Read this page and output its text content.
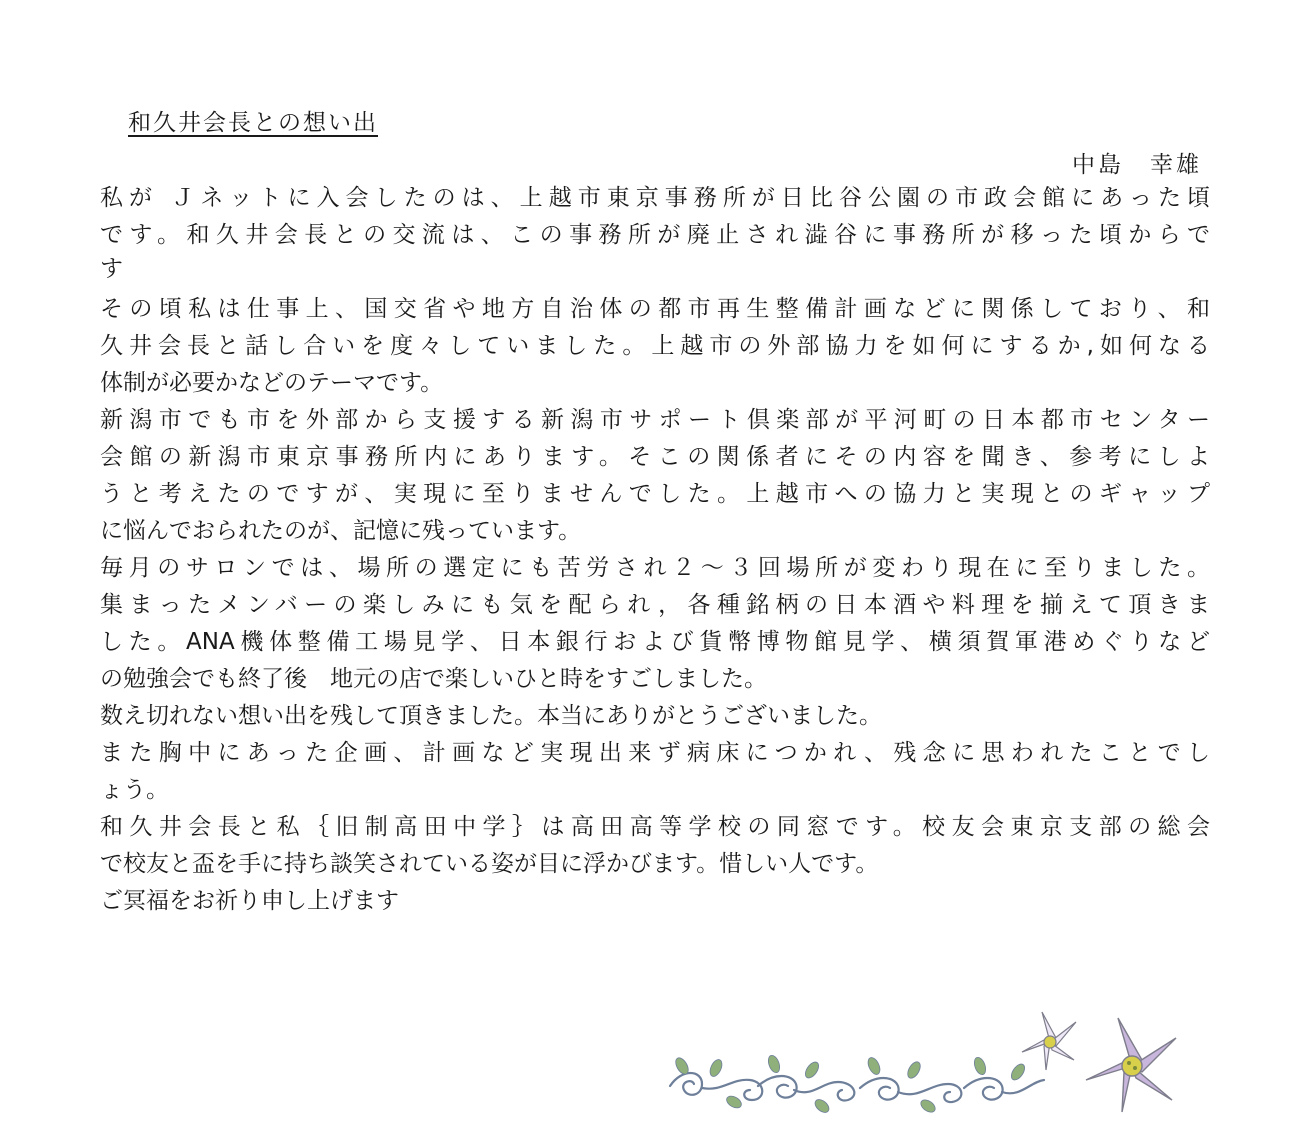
和久井会長との想い出
中島　幸雄
私が Ｊネットに入会したのは、上越市東京事務所が日比谷公園の市政会館にあった頃
です。和久井会長との交流は、この事務所が廃止され澁谷に事務所が移った頃からで
す
その頃私は仕事上、国交省や地方自治体の都市再生整備計画などに関係しており、和
久井会長と話し合いを度々していました。上越市の外部協力を如何にするか,如何なる
体制が必要かなどのテーマです。
新潟市でも市を外部から支援する新潟市サポート倶楽部が平河町の日本都市センター
会館の新潟市東京事務所内にあります。そこの関係者にその内容を聞き、参考にしよ
うと考えたのですが、実現に至りませんでした。上越市への協力と実現とのギャップ
に悩んでおられたのが、記憶に残っています。
毎月のサロンでは、場所の選定にも苦労され２～３回場所が変わり現在に至りました。
集まったメンバーの楽しみにも気を配られ，各種銘柄の日本酒や料理を揃えて頂きま
した。ANA機体整備工場見学、日本銀行および貨幣博物館見学、横須賀軍港めぐりなど
の勉強会でも終了後　地元の店で楽しいひと時をすごしました。
数え切れない想い出を残して頂きました。本当にありがとうございました。
また胸中にあった企画、計画など実現出来ず病床につかれ、残念に思われたことでし
ょう。
和久井会長と私｛旧制高田中学｝は高田高等学校の同窓です。校友会東京支部の総会
で校友と盃を手に持ち談笑されている姿が目に浮かびます。惜しい人です。
ご冥福をお祈り申し上げます
